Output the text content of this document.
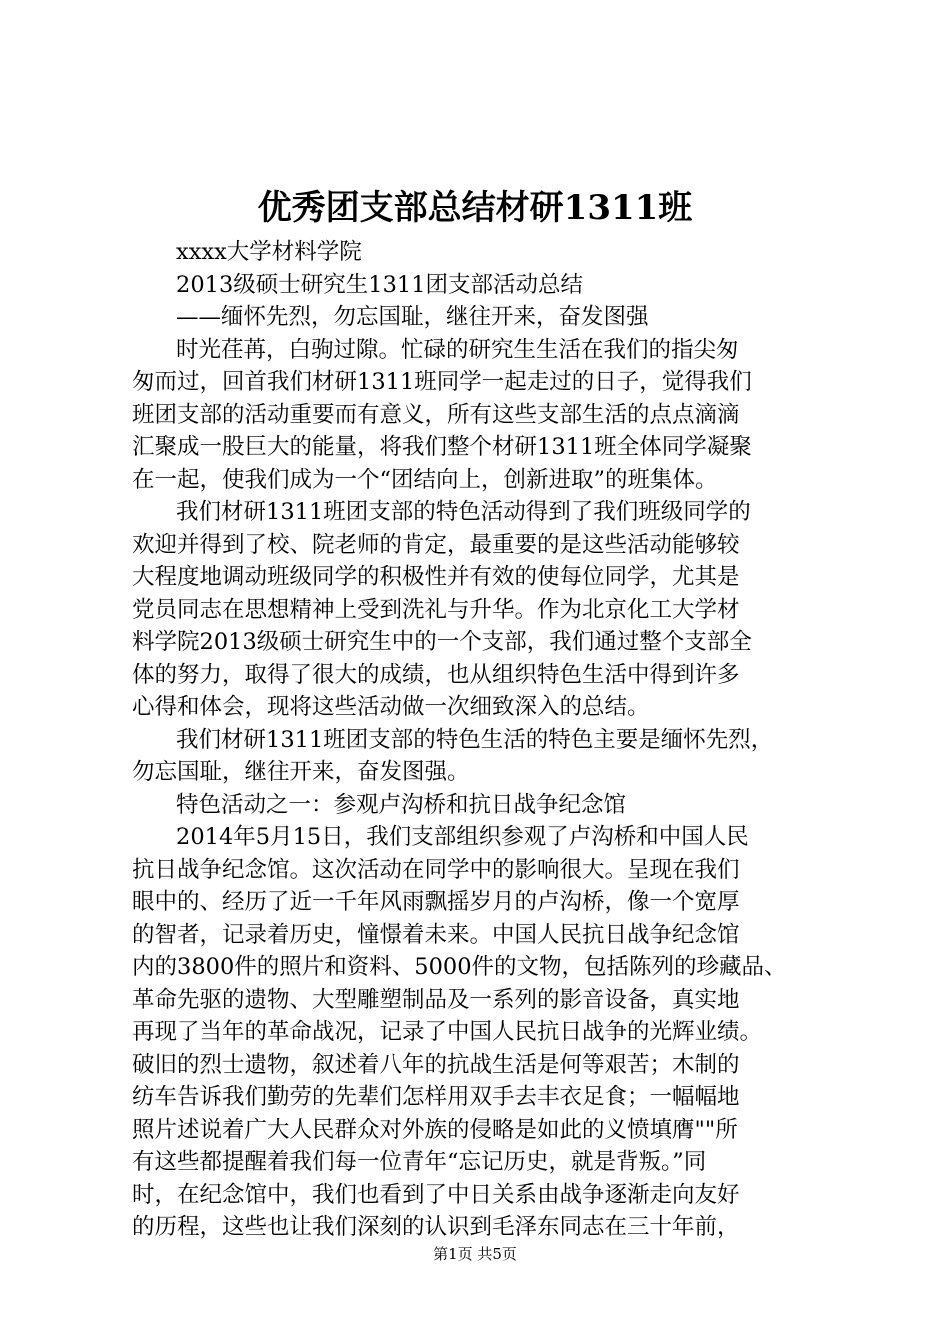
优秀团支部总结材研1311班
xxxx大学材料学院
2013级硕士研究生1311团支部活动总结
——缅怀先烈，勿忘国耻，继往开来，奋发图强
时光荏苒，白驹过隙。忙碌的研究生生活在我们的指尖匆
匆而过，回首我们材研1311班同学一起走过的日子，觉得我们
班团支部的活动重要而有意义，所有这些支部生活的点点滴滴
汇聚成一股巨大的能量，将我们整个材研1311班全体同学凝聚
在一起，使我们成为一个“团结向上，创新进取”的班集体。
我们材研1311班团支部的特色活动得到了我们班级同学的
欢迎并得到了校、院老师的肯定，最重要的是这些活动能够较
大程度地调动班级同学的积极性并有效的使每位同学，尤其是
党员同志在思想精神上受到洗礼与升华。作为北京化工大学材
料学院2013级硕士研究生中的一个支部，我们通过整个支部全
体的努力，取得了很大的成绩，也从组织特色生活中得到许多
心得和体会，现将这些活动做一次细致深入的总结。
我们材研1311班团支部的特色生活的特色主要是缅怀先烈，
勿忘国耻，继往开来，奋发图强。
特色活动之一：参观卢沟桥和抗日战争纪念馆
2014年5月15日，我们支部组织参观了卢沟桥和中国人民
抗日战争纪念馆。这次活动在同学中的影响很大。呈现在我们
眼中的、经历了近一千年风雨飘摇岁月的卢沟桥，像一个宽厚
的智者，记录着历史，憧憬着未来。中国人民抗日战争纪念馆
内的3800件的照片和资料、5000件的文物，包括陈列的珍藏品、
革命先驱的遗物、大型雕塑制品及一系列的影音设备，真实地
再现了当年的革命战况，记录了中国人民抗日战争的光辉业绩。
破旧的烈士遗物，叙述着八年的抗战生活是何等艰苦；木制的
纺车告诉我们勤劳的先辈们怎样用双手去丰衣足食；一幅幅地
照片述说着广大人民群众对外族的侵略是如此的义愤填膺""所
有这些都提醒着我们每一位青年“忘记历史，就是背叛。”同
时，在纪念馆中，我们也看到了中日关系由战争逐渐走向友好
的历程，这些也让我们深刻的认识到毛泽东同志在三十年前，
第1页 共5页
